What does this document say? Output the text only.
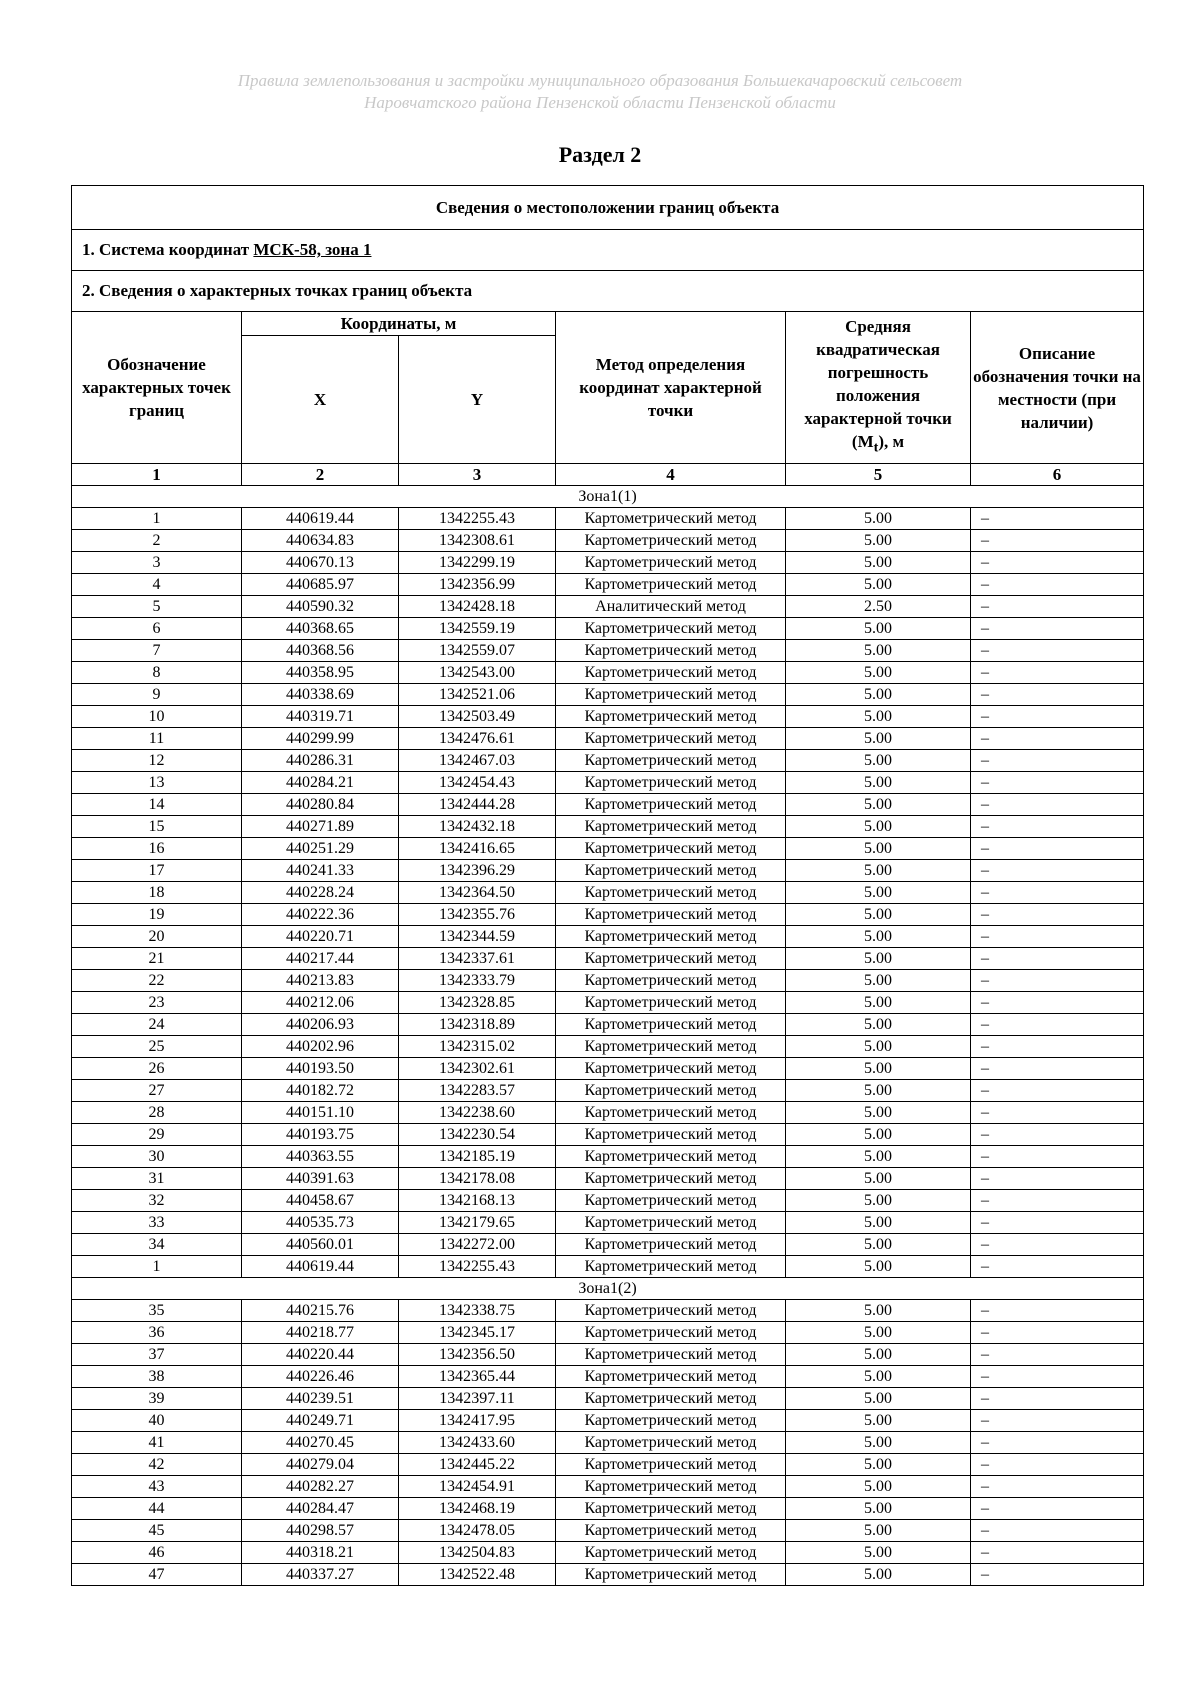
Правила землепользования и застройки муниципального образования Большекачаровский сельсовет
Наровчатского района Пензенской области Пензенской области
Раздел 2
Сведения о местоположении границ объекта					
1. Система координат МСК-58, зона 1					
2. Сведения о характерных точках границ объекта					
Обозначение характерных точек границ	Координаты, м		Метод определения координат характерной точки	Средняя квадратическая погрешность положения характерной точки $(M_t)$, м	Описание обозначения точки на местности (при наличии)
	X	Y			
1	2	3	4	5	6
Зона1(1)					
1	440619.44	1342255.43	Картометрический метод	5.00	–
2	440634.83	1342308.61	Картометрический метод	5.00	–
3	440670.13	1342299.19	Картометрический метод	5.00	–
4	440685.97	1342356.99	Картометрический метод	5.00	–
5	440590.32	1342428.18	Аналитический метод	2.50	–
6	440368.65	1342559.19	Картометрический метод	5.00	–
7	440368.56	1342559.07	Картометрический метод	5.00	–
8	440358.95	1342543.00	Картометрический метод	5.00	–
9	440338.69	1342521.06	Картометрический метод	5.00	–
10	440319.71	1342503.49	Картометрический метод	5.00	–
11	440299.99	1342476.61	Картометрический метод	5.00	–
12	440286.31	1342467.03	Картометрический метод	5.00	–
13	440284.21	1342454.43	Картометрический метод	5.00	–
14	440280.84	1342444.28	Картометрический метод	5.00	–
15	440271.89	1342432.18	Картометрический метод	5.00	–
16	440251.29	1342416.65	Картометрический метод	5.00	–
17	440241.33	1342396.29	Картометрический метод	5.00	–
18	440228.24	1342364.50	Картометрический метод	5.00	–
19	440222.36	1342355.76	Картометрический метод	5.00	–
20	440220.71	1342344.59	Картометрический метод	5.00	–
21	440217.44	1342337.61	Картометрический метод	5.00	–
22	440213.83	1342333.79	Картометрический метод	5.00	–
23	440212.06	1342328.85	Картометрический метод	5.00	–
24	440206.93	1342318.89	Картометрический метод	5.00	–
25	440202.96	1342315.02	Картометрический метод	5.00	–
26	440193.50	1342302.61	Картометрический метод	5.00	–
27	440182.72	1342283.57	Картометрический метод	5.00	–
28	440151.10	1342238.60	Картометрический метод	5.00	–
29	440193.75	1342230.54	Картометрический метод	5.00	–
30	440363.55	1342185.19	Картометрический метод	5.00	–
31	440391.63	1342178.08	Картометрический метод	5.00	–
32	440458.67	1342168.13	Картометрический метод	5.00	–
33	440535.73	1342179.65	Картометрический метод	5.00	–
34	440560.01	1342272.00	Картометрический метод	5.00	–
1	440619.44	1342255.43	Картометрический метод	5.00	–
Зона1(2)					
35	440215.76	1342338.75	Картометрический метод	5.00	–
36	440218.77	1342345.17	Картометрический метод	5.00	–
37	440220.44	1342356.50	Картометрический метод	5.00	–
38	440226.46	1342365.44	Картометрический метод	5.00	–
39	440239.51	1342397.11	Картометрический метод	5.00	–
40	440249.71	1342417.95	Картометрический метод	5.00	–
41	440270.45	1342433.60	Картометрический метод	5.00	–
42	440279.04	1342445.22	Картометрический метод	5.00	–
43	440282.27	1342454.91	Картометрический метод	5.00	–
44	440284.47	1342468.19	Картометрический метод	5.00	–
45	440298.57	1342478.05	Картометрический метод	5.00	–
46	440318.21	1342504.83	Картометрический метод	5.00	–
47	440337.27	1342522.48	Картометрический метод	5.00	–
